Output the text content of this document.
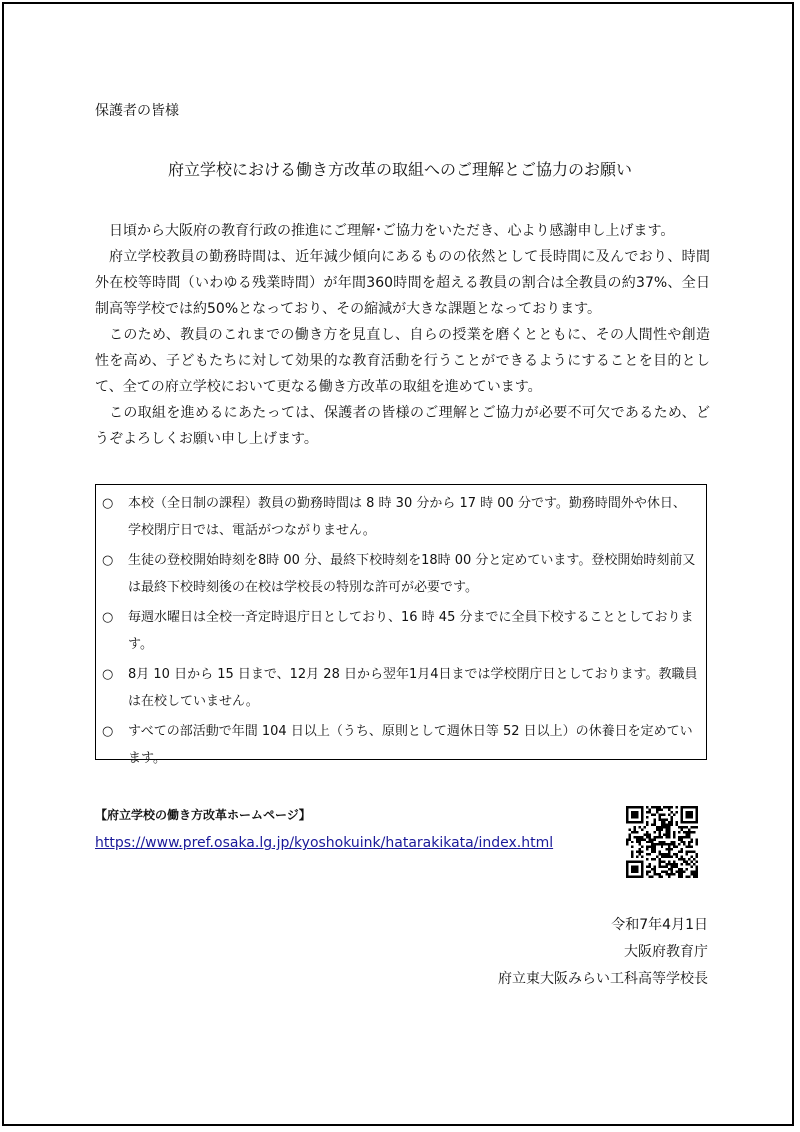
保護者の皆様
府立学校における働き方改革の取組へのご理解とご協力のお願い

日頃から大阪府の教育行政の推進にご理解･ご協力をいただき、心より感謝申し上げます。

府立学校教員の勤務時間は、近年減少傾向にあるものの依然として長時間に及んでおり、時間外在校等時間（いわゆる残業時間）が年間360時間を超える教員の割合は全教員の約37%、全日制高等学校では約50%となっており、その縮減が大きな課題となっております。

このため、教員のこれまでの働き方を見直し、自らの授業を磨くとともに、その人間性や創造性を高め、子どもたちに対して効果的な教育活動を行うことができるようにすることを目的として、全ての府立学校において更なる働き方改革の取組を進めています。

この取組を進めるにあたっては、保護者の皆様のご理解とご協力が必要不可欠であるため、どうぞよろしくお願い申し上げます。

○	本校（全日制の課程）教員の勤務時間は 8 時 30 分から 17 時 00 分です。勤務時間外や休日、学校閉庁日では、電話がつながりません。
○	生徒の登校開始時刻を8時 00 分、最終下校時刻を18時 00 分と定めています。登校開始時刻前又は最終下校時刻後の在校は学校長の特別な許可が必要です。
○	毎週水曜日は全校一斉定時退庁日としており、16 時 45 分までに全員下校することとしております。
○	8月 10 日から 15 日まで、12月 28 日から翌年1月4日までは学校閉庁日としております。教職員は在校していません。
○	すべての部活動で年間 104 日以上（うち、原則として週休日等 52 日以上）の休養日を定めています。
【府立学校の働き方改革ホームページ】
https://www.pref.osaka.lg.jp/kyoshokuink/hatarakikata/index.html
令和7年4月1日
大阪府教育庁
府立東大阪みらい工科高等学校長
